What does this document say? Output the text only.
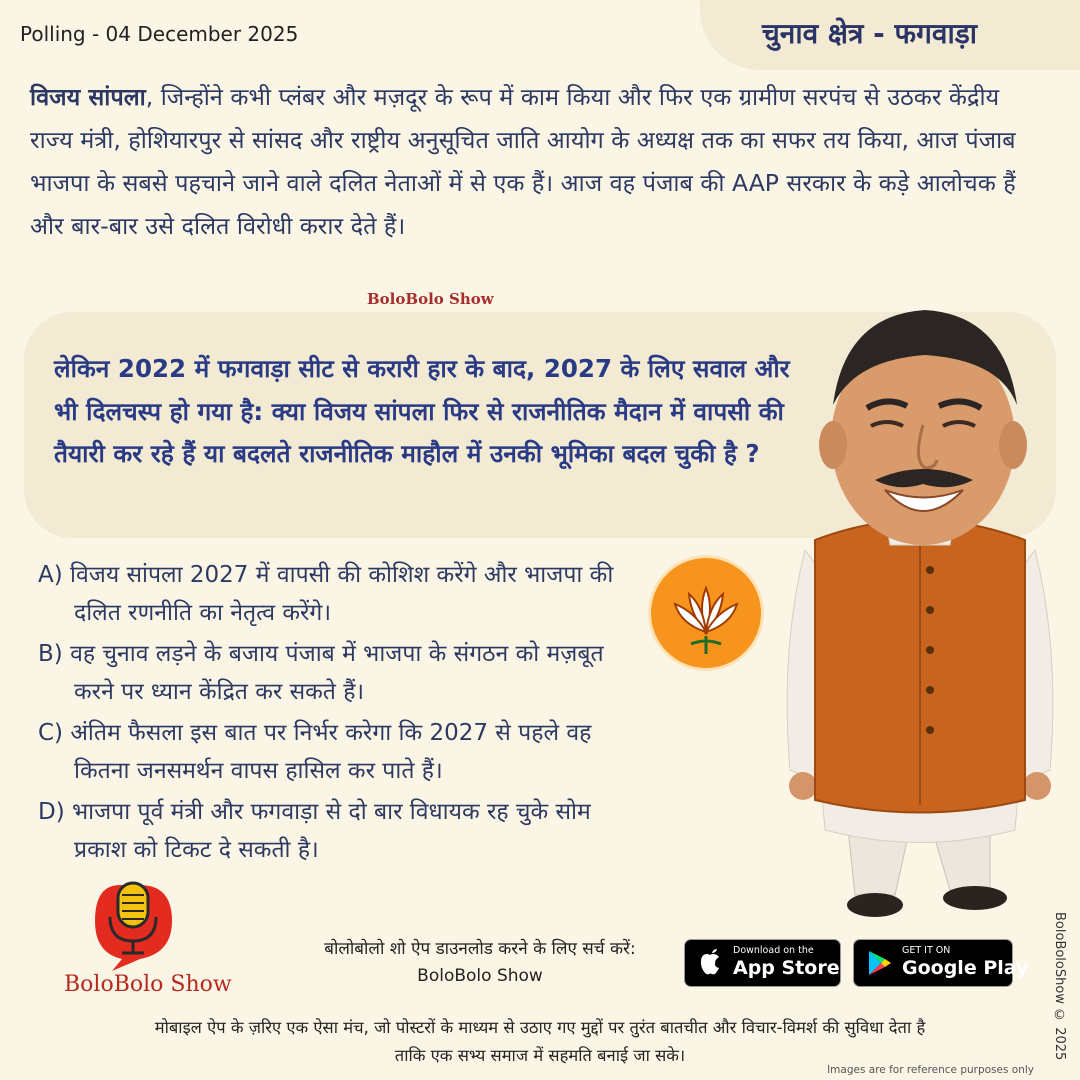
Polling - 04 December 2025	चुनाव क्षेत्र - फगवाड़ा
विजय सांपला, जिन्होंने कभी प्लंबर और मज़दूर के रूप में काम किया और फिर एक ग्रामीण सरपंच से उठकर केंद्रीय राज्य मंत्री, होशियारपुर से सांसद और राष्ट्रीय अनुसूचित जाति आयोग के अध्यक्ष तक का सफर तय किया, आज पंजाब भाजपा के सबसे पहचाने जाने वाले दलित नेताओं में से एक हैं। आज वह पंजाब की AAP सरकार के कड़े आलोचक हैं और बार-बार उसे दलित विरोधी करार देते हैं।
BoloBolo Show
लेकिन 2022 में फगवाड़ा सीट से करारी हार के बाद, 2027 के लिए सवाल और भी दिलचस्प हो गया है: क्या विजय सांपला फिर से राजनीतिक मैदान में वापसी की तैयारी कर रहे हैं या बदलते राजनीतिक माहौल में उनकी भूमिका बदल चुकी है ?
A) विजय सांपला 2027 में वापसी की कोशिश करेंगे और भाजपा की दलित रणनीति का नेतृत्व करेंगे।
B) वह चुनाव लड़ने के बजाय पंजाब में भाजपा के संगठन को मज़बूत करने पर ध्यान केंद्रित कर सकते हैं।
C) अंतिम फैसला इस बात पर निर्भर करेगा कि 2027 से पहले वह कितना जनसमर्थन वापस हासिल कर पाते हैं।
D) भाजपा पूर्व मंत्री और फगवाड़ा से दो बार विधायक रह चुके सोम प्रकाश को टिकट दे सकती है।
BoloBolo Show
बोलोबोलो शो ऐप डाउनलोड करने के लिए सर्च करें:
BoloBolo Show
Download on the
App Store
GET IT ON
Google Play
मोबाइल ऐप के ज़रिए एक ऐसा मंच, जो पोस्टरों के माध्यम से उठाए गए मुद्दों पर तुरंत बातचीत और विचार-विमर्श की सुविधा देता है
ताकि एक सभ्य समाज में सहमति बनाई जा सके।
Images are for reference purposes only
BoloBoloShow © 2025
